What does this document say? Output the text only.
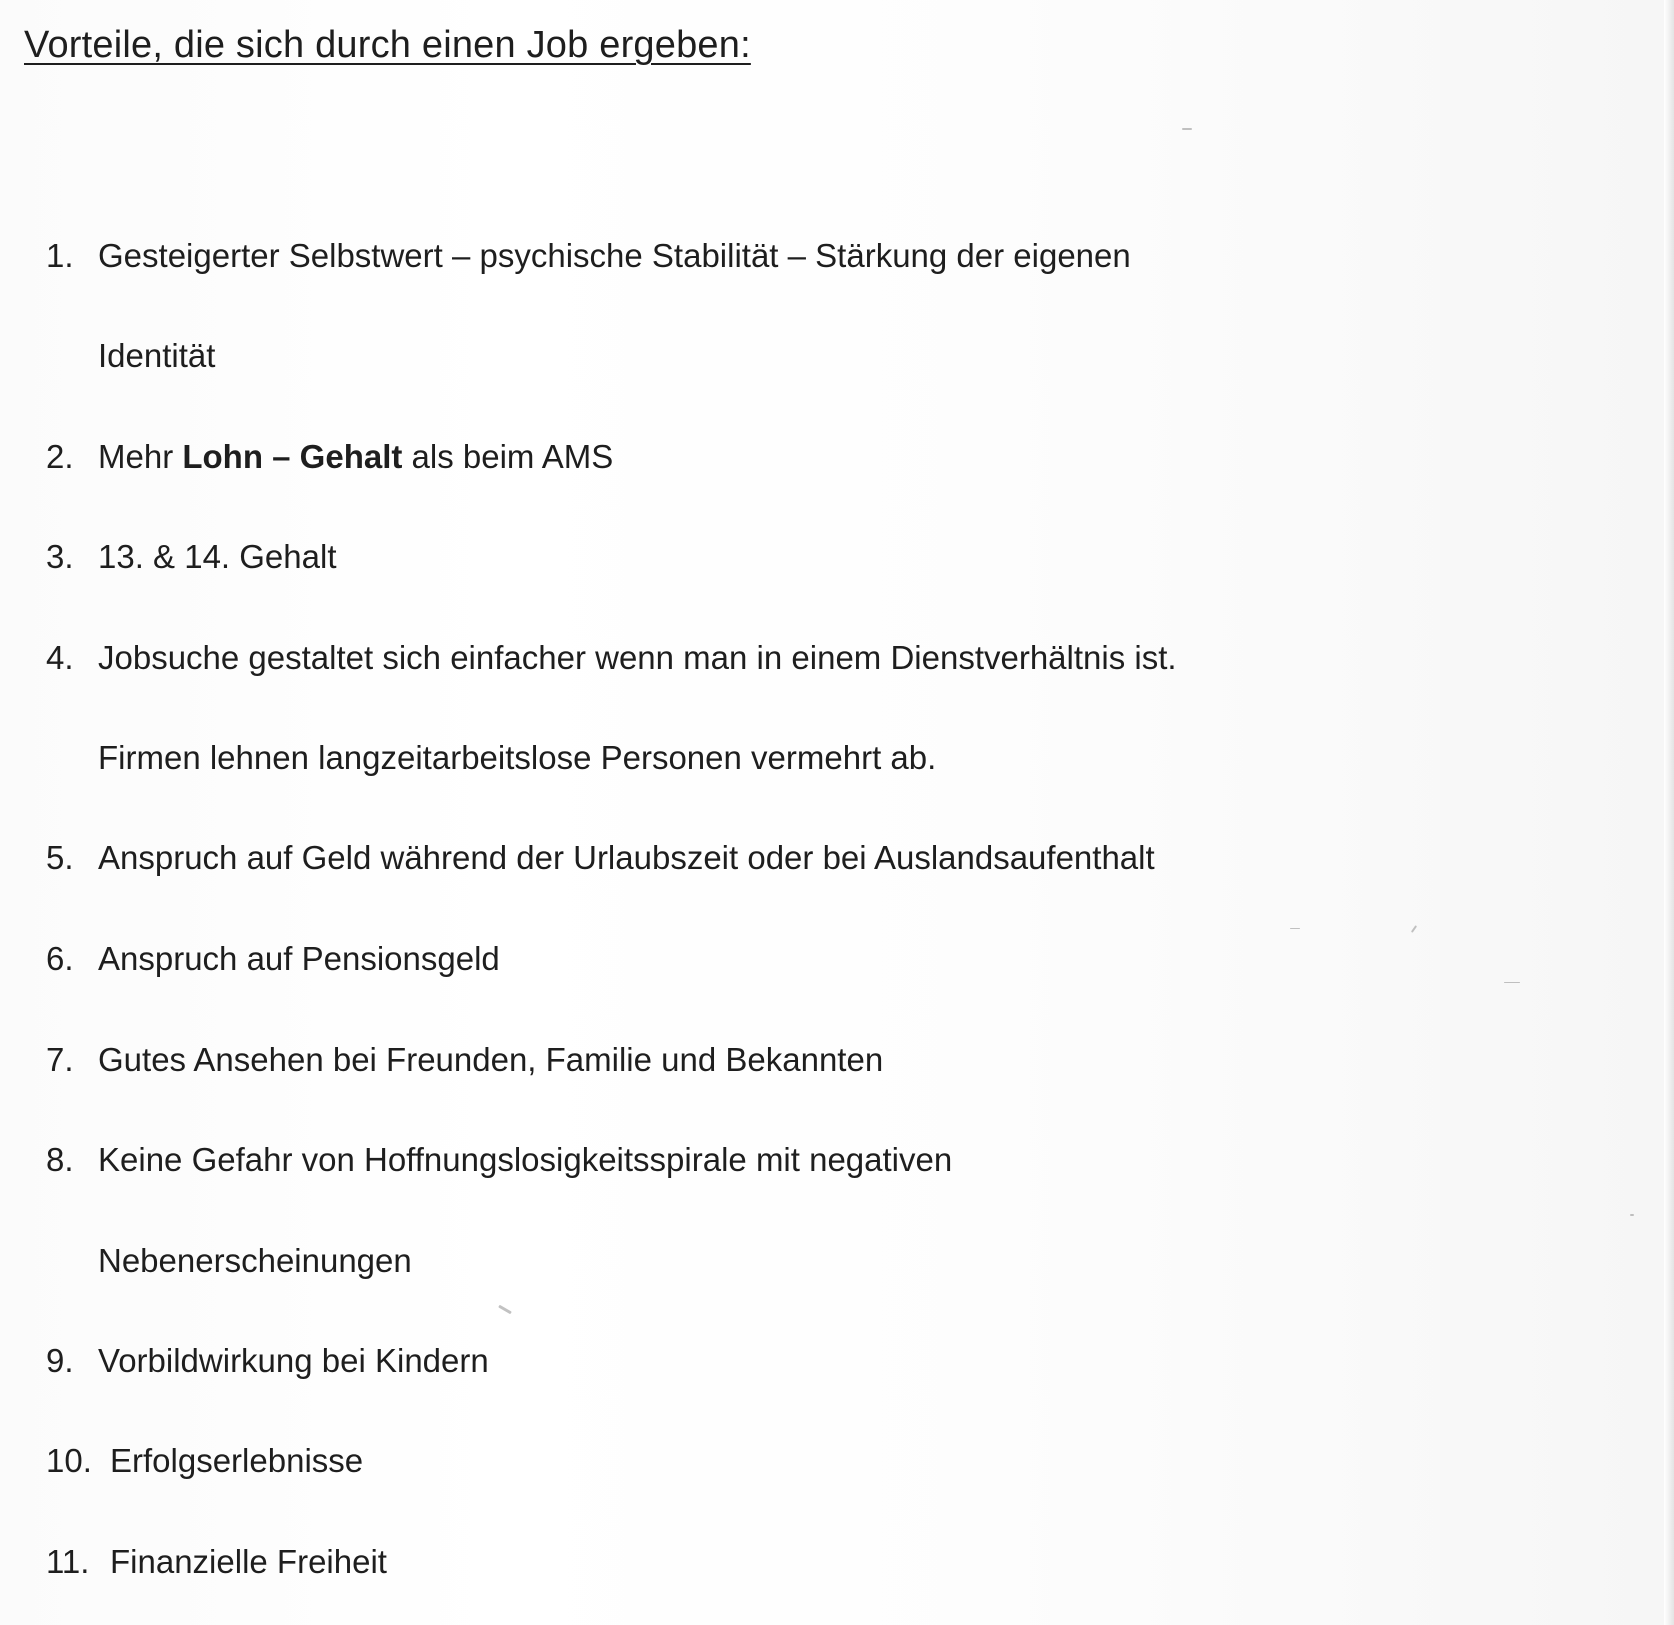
Vorteile, die sich durch einen Job ergeben:
1. Gesteigerter Selbstwert – psychische Stabilität – Stärkung der eigenen
Identität
2. Mehr Lohn – Gehalt als beim AMS
3. 13. & 14. Gehalt
4. Jobsuche gestaltet sich einfacher wenn man in einem Dienstverhältnis ist.
Firmen lehnen langzeitarbeitslose Personen vermehrt ab.
5. Anspruch auf Geld während der Urlaubszeit oder bei Auslandsaufenthalt
6. Anspruch auf Pensionsgeld
7. Gutes Ansehen bei Freunden, Familie und Bekannten
8. Keine Gefahr von Hoffnungslosigkeitsspirale mit negativen
Nebenerscheinungen
9. Vorbildwirkung bei Kindern
10. Erfolgserlebnisse
11. Finanzielle Freiheit
